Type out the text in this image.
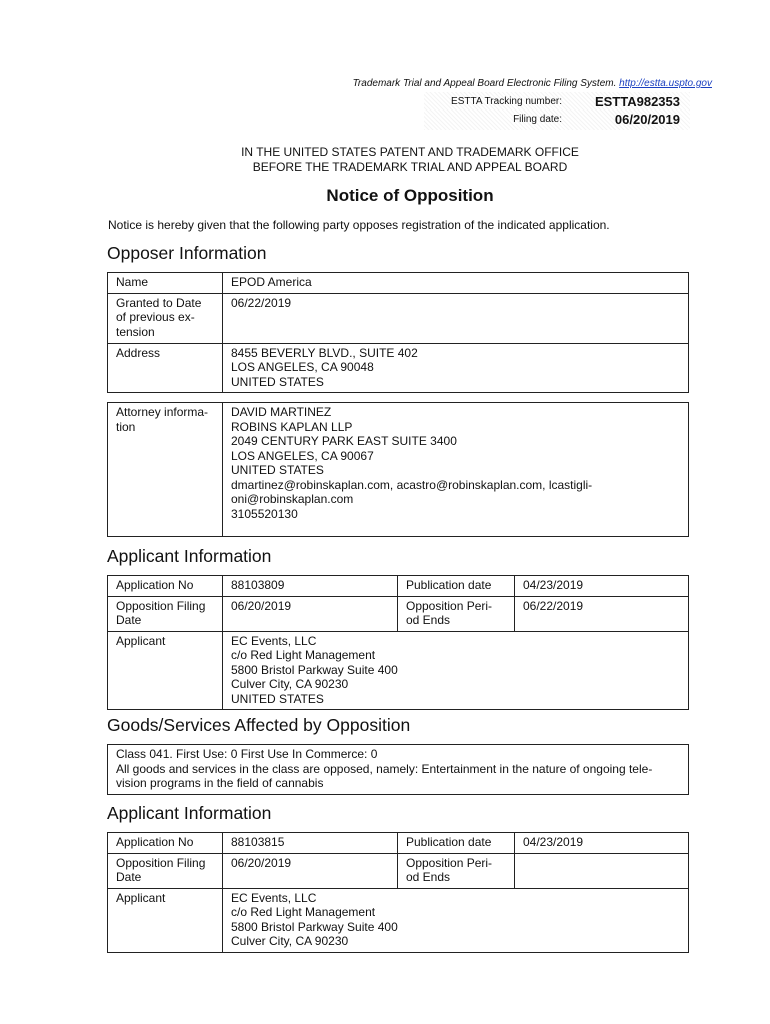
Trademark Trial and Appeal Board Electronic Filing System. http://estta.uspto.gov
ESTTA Tracking number:	ESTTA982353
Filing date:	06/20/2019
IN THE UNITED STATES PATENT AND TRADEMARK OFFICE
BEFORE THE TRADEMARK TRIAL AND APPEAL BOARD
Notice of Opposition
Notice is hereby given that the following party opposes registration of the indicated application.
Opposer Information
Name	EPOD America

Granted to Date
of previous ex-
tension	06/22/2019
Address	8455 BEVERLY BLVD., SUITE 402
LOS ANGELES, CA 90048
UNITED STATES
Attorney informa-
tion

DAVID MARTINEZ
ROBINS KAPLAN LLP
2049 CENTURY PARK EAST SUITE 3400
LOS ANGELES, CA 90067
UNITED STATES
dmartinez@robinskaplan.com, acastro@robinskaplan.com, lcastigli-
oni@robinskaplan.com
3105520130
Applicant Information
Application No	88103809	Publication date	04/23/2019

Opposition Filing
Date	06/20/2019	Opposition Peri-
od Ends	06/22/2019
Applicant	EC Events, LLC
c/o Red Light Management
5800 Bristol Parkway Suite 400
Culver City, CA 90230
UNITED STATES		
Goods/Services Affected by Opposition
Class 041. First Use: 0 First Use In Commerce: 0
All goods and services in the class are opposed, namely: Entertainment in the nature of ongoing tele-
vision programs in the field of cannabis
Applicant Information
Application No	88103815	Publication date	04/23/2019

Opposition Filing
Date	06/20/2019	Opposition Peri-
od Ends	

Applicant	EC Events, LLC
c/o Red Light Management
5800 Bristol Parkway Suite 400
Culver City, CA 90230		
